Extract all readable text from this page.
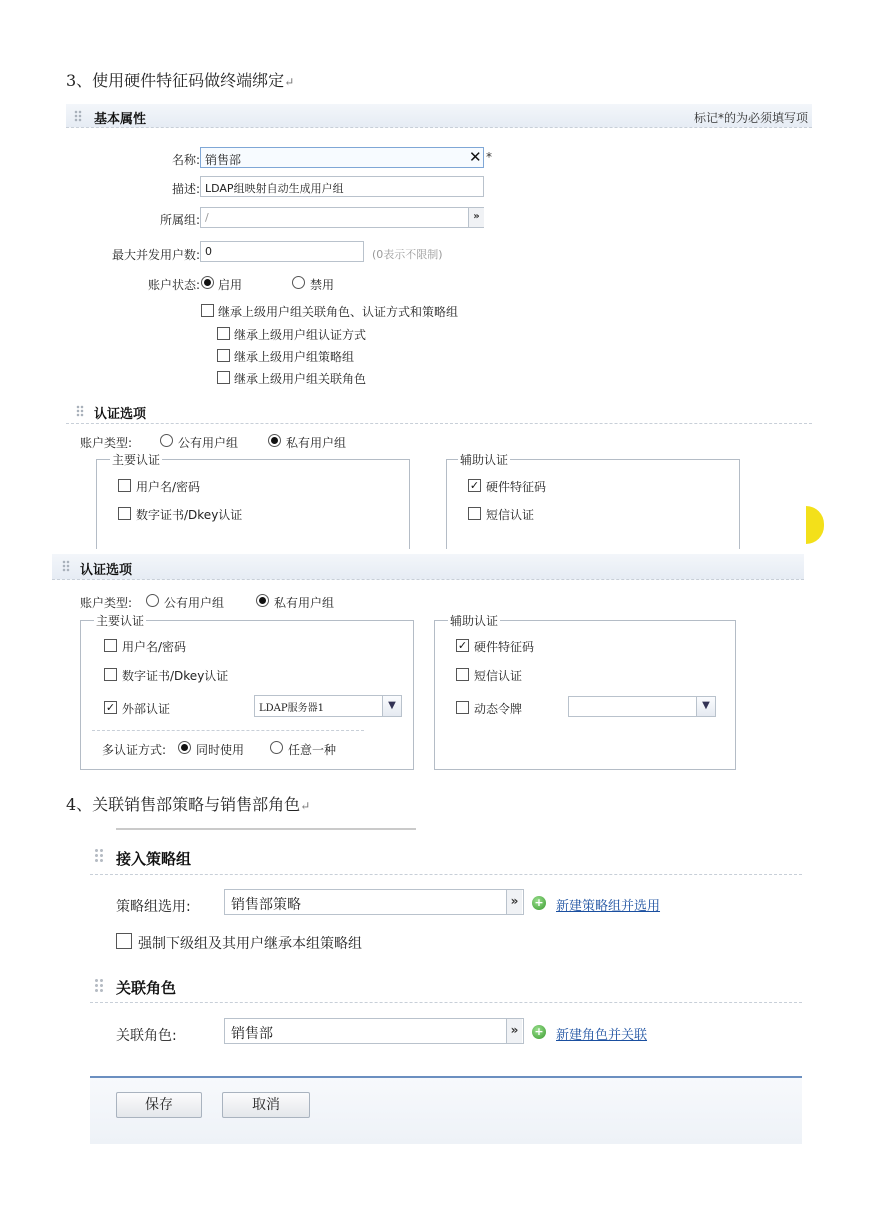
3、使用硬件特征码做终端绑定↵
基本属性	标记*的为必须填写项
名称: 销售部	✕ *
描述: LDAP组映射自动生成用户组
所属组: /	»
最大并发用户数: 0	(0表示不限制)
账户状态: 启用	禁用
继承上级用户组关联角色、认证方式和策略组
继承上级用户组认证方式
继承上级用户组策略组
继承上级用户组关联角色
认证选项
账户类型:	公有用户组	私有用户组
主要认证
用户名/密码
数字证书/Dkey认证
辅助认证
✓ 硬件特征码
短信认证
认证选项
账户类型:	公有用户组	私有用户组
主要认证
用户名/密码
数字证书/Dkey认证
✓ 外部认证	LDAP服务器1	▼
多认证方式: 同时使用	任意一种
辅助认证
✓ 硬件特征码
短信认证
动态令牌	▼
4、关联销售部策略与销售部角色↵
接入策略组
策略组选用:	销售部策略	»	+ 新建策略组并选用
强制下级组及其用户继承本组策略组
关联角色
关联角色:	销售部	»	+ 新建角色并关联
保存	取消
